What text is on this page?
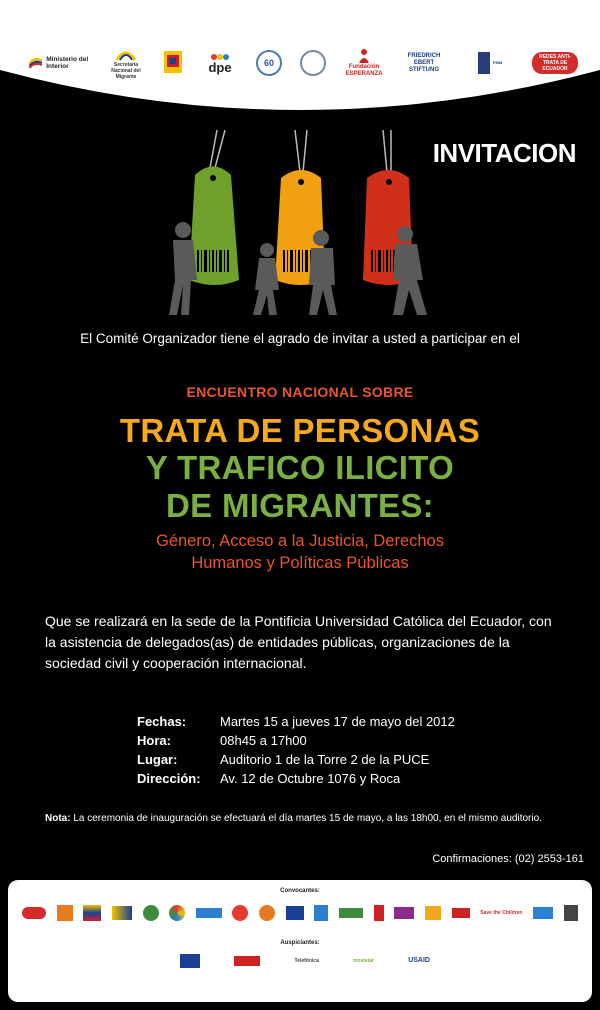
Ministerio del Interior	Secretaría Nacional del Migrante
dpe	60	Fundación ESPERANZA
FRIEDRICH EBERT STIFTUNG
PMM
REDES ANTI-TRATA DE ECUADOR
INVITACION
El Comité Organizador tiene el agrado de invitar a usted a participar en el
ENCUENTRO NACIONAL SOBRE
TRATA DE PERSONAS
Y TRAFICO ILICITO
DE MIGRANTES:
Género, Acceso a la Justicia, Derechos
Humanos y Políticas Públicas
Que se realizará en la sede de la Pontificia Universidad Católica del Ecuador, con la asistencia de delegados(as) de entidades públicas, organizaciones de la sociedad civil y cooperación internacional.
Fechas:	Martes 15 a jueves 17 de mayo del 2012
Hora:	08h45 a 17h00
Lugar:	Auditorio 1 de la Torre 2 de la PUCE
Dirección:	Av. 12 de Octubre 1076 y Roca
Nota: La ceremonia de inauguración se efectuará el día martes 15 de mayo, a las 18h00, en el mismo auditorio.
Confirmaciones: (02) 2553-161
Convocantes:
Save the Children
Auspiciantes:
Telefónica	movistar	USAID
